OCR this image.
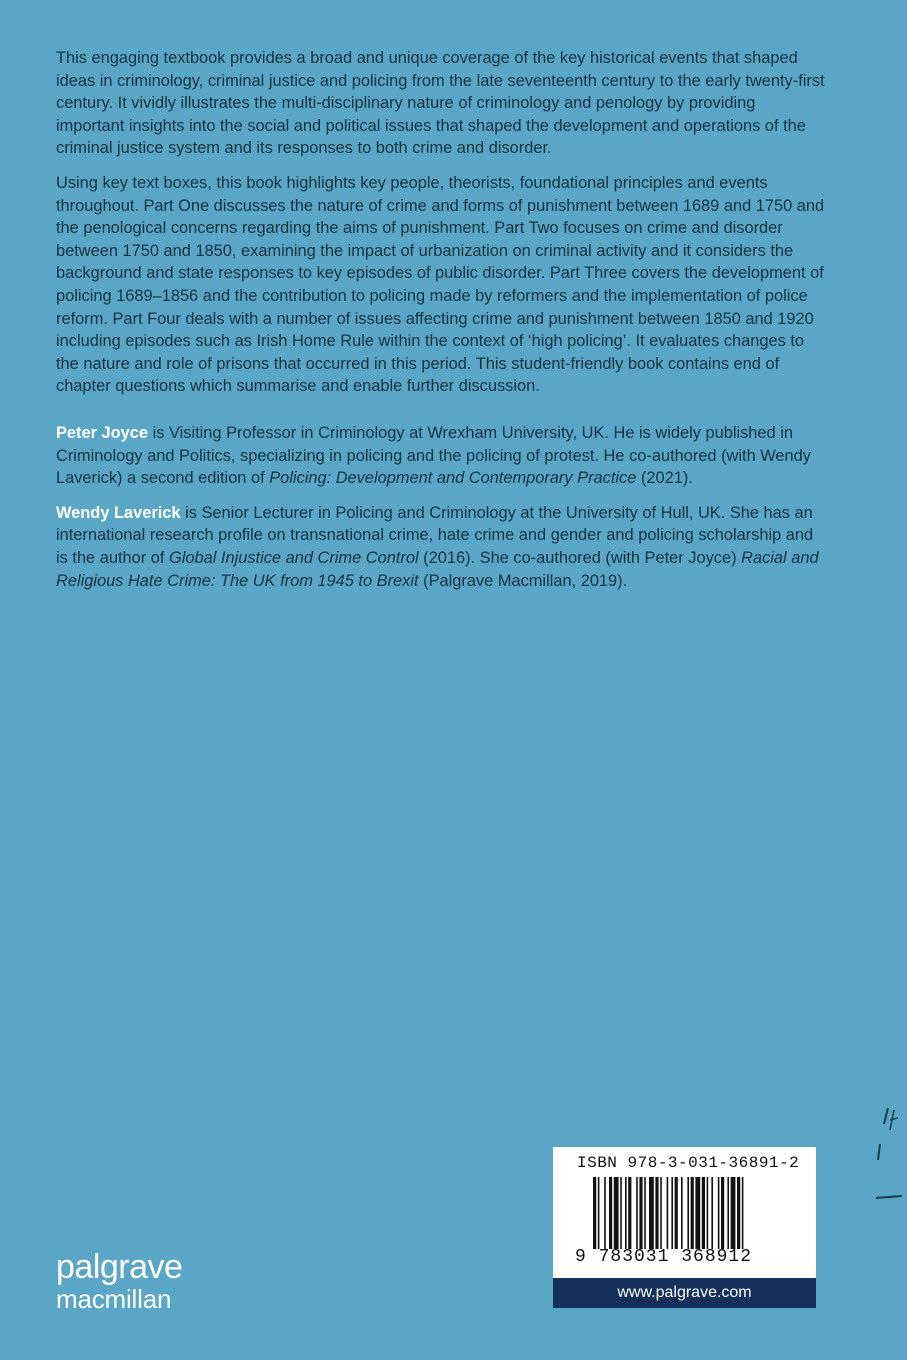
This engaging textbook provides a broad and unique coverage of the key historical events that shaped ideas in criminology, criminal justice and policing from the late seventeenth century to the early twenty-first century. It vividly illustrates the multi-disciplinary nature of criminology and penology by providing important insights into the social and political issues that shaped the development and operations of the criminal justice system and its responses to both crime and disorder.

Using key text boxes, this book highlights key people, theorists, foundational principles and events throughout. Part One discusses the nature of crime and forms of punishment between 1689 and 1750 and the penological concerns regarding the aims of punishment. Part Two focuses on crime and disorder between 1750 and 1850, examining the impact of urbanization on criminal activity and it considers the background and state responses to key episodes of public disorder. Part Three covers the development of policing 1689–1856 and the contribution to policing made by reformers and the implementation of police reform. Part Four deals with a number of issues affecting crime and punishment between 1850 and 1920 including episodes such as Irish Home Rule within the context of ‘high policing’. It evaluates changes to the nature and role of prisons that occurred in this period. This student-friendly book contains end of chapter questions which summarise and enable further discussion.

Peter Joyce is Visiting Professor in Criminology at Wrexham University, UK. He is widely published in Criminology and Politics, specializing in policing and the policing of protest. He co-authored (with Wendy Laverick) a second edition of Policing: Development and Contemporary Practice (2021).

Wendy Laverick is Senior Lecturer in Policing and Criminology at the University of Hull, UK. She has an international research profile on transnational crime, hate crime and gender and policing scholarship and is the author of Global Injustice and Crime Control (2016). She co-authored (with Peter Joyce) Racial and Religious Hate Crime: The UK from 1945 to Brexit (Palgrave Macmillan, 2019).

palgrave
macmillan
ISBN 978-3-031-36891-2
9 783031 368912
www.palgrave.com
